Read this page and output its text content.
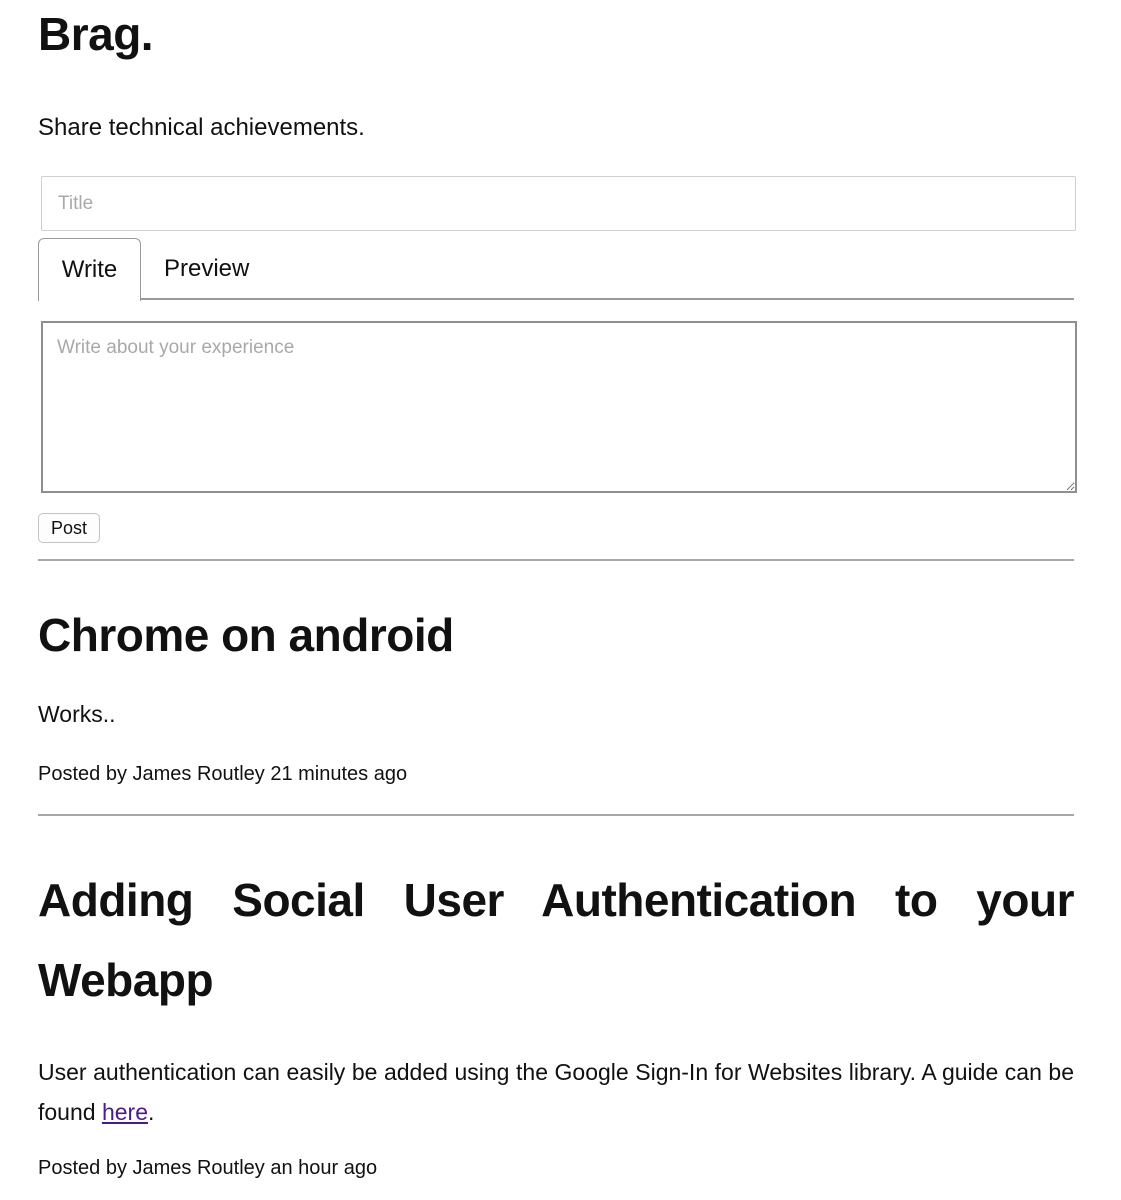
Brag.

Share technical achievements.

Title
Write	Preview
Write about your experience
Post
Chrome on android

Works..

Posted by James Routley 21 minutes ago

Adding Social User Authentication to your Webapp

User authentication can easily be added using the Google Sign-In for Websites library. A guide can be found here.

Posted by James Routley an hour ago
